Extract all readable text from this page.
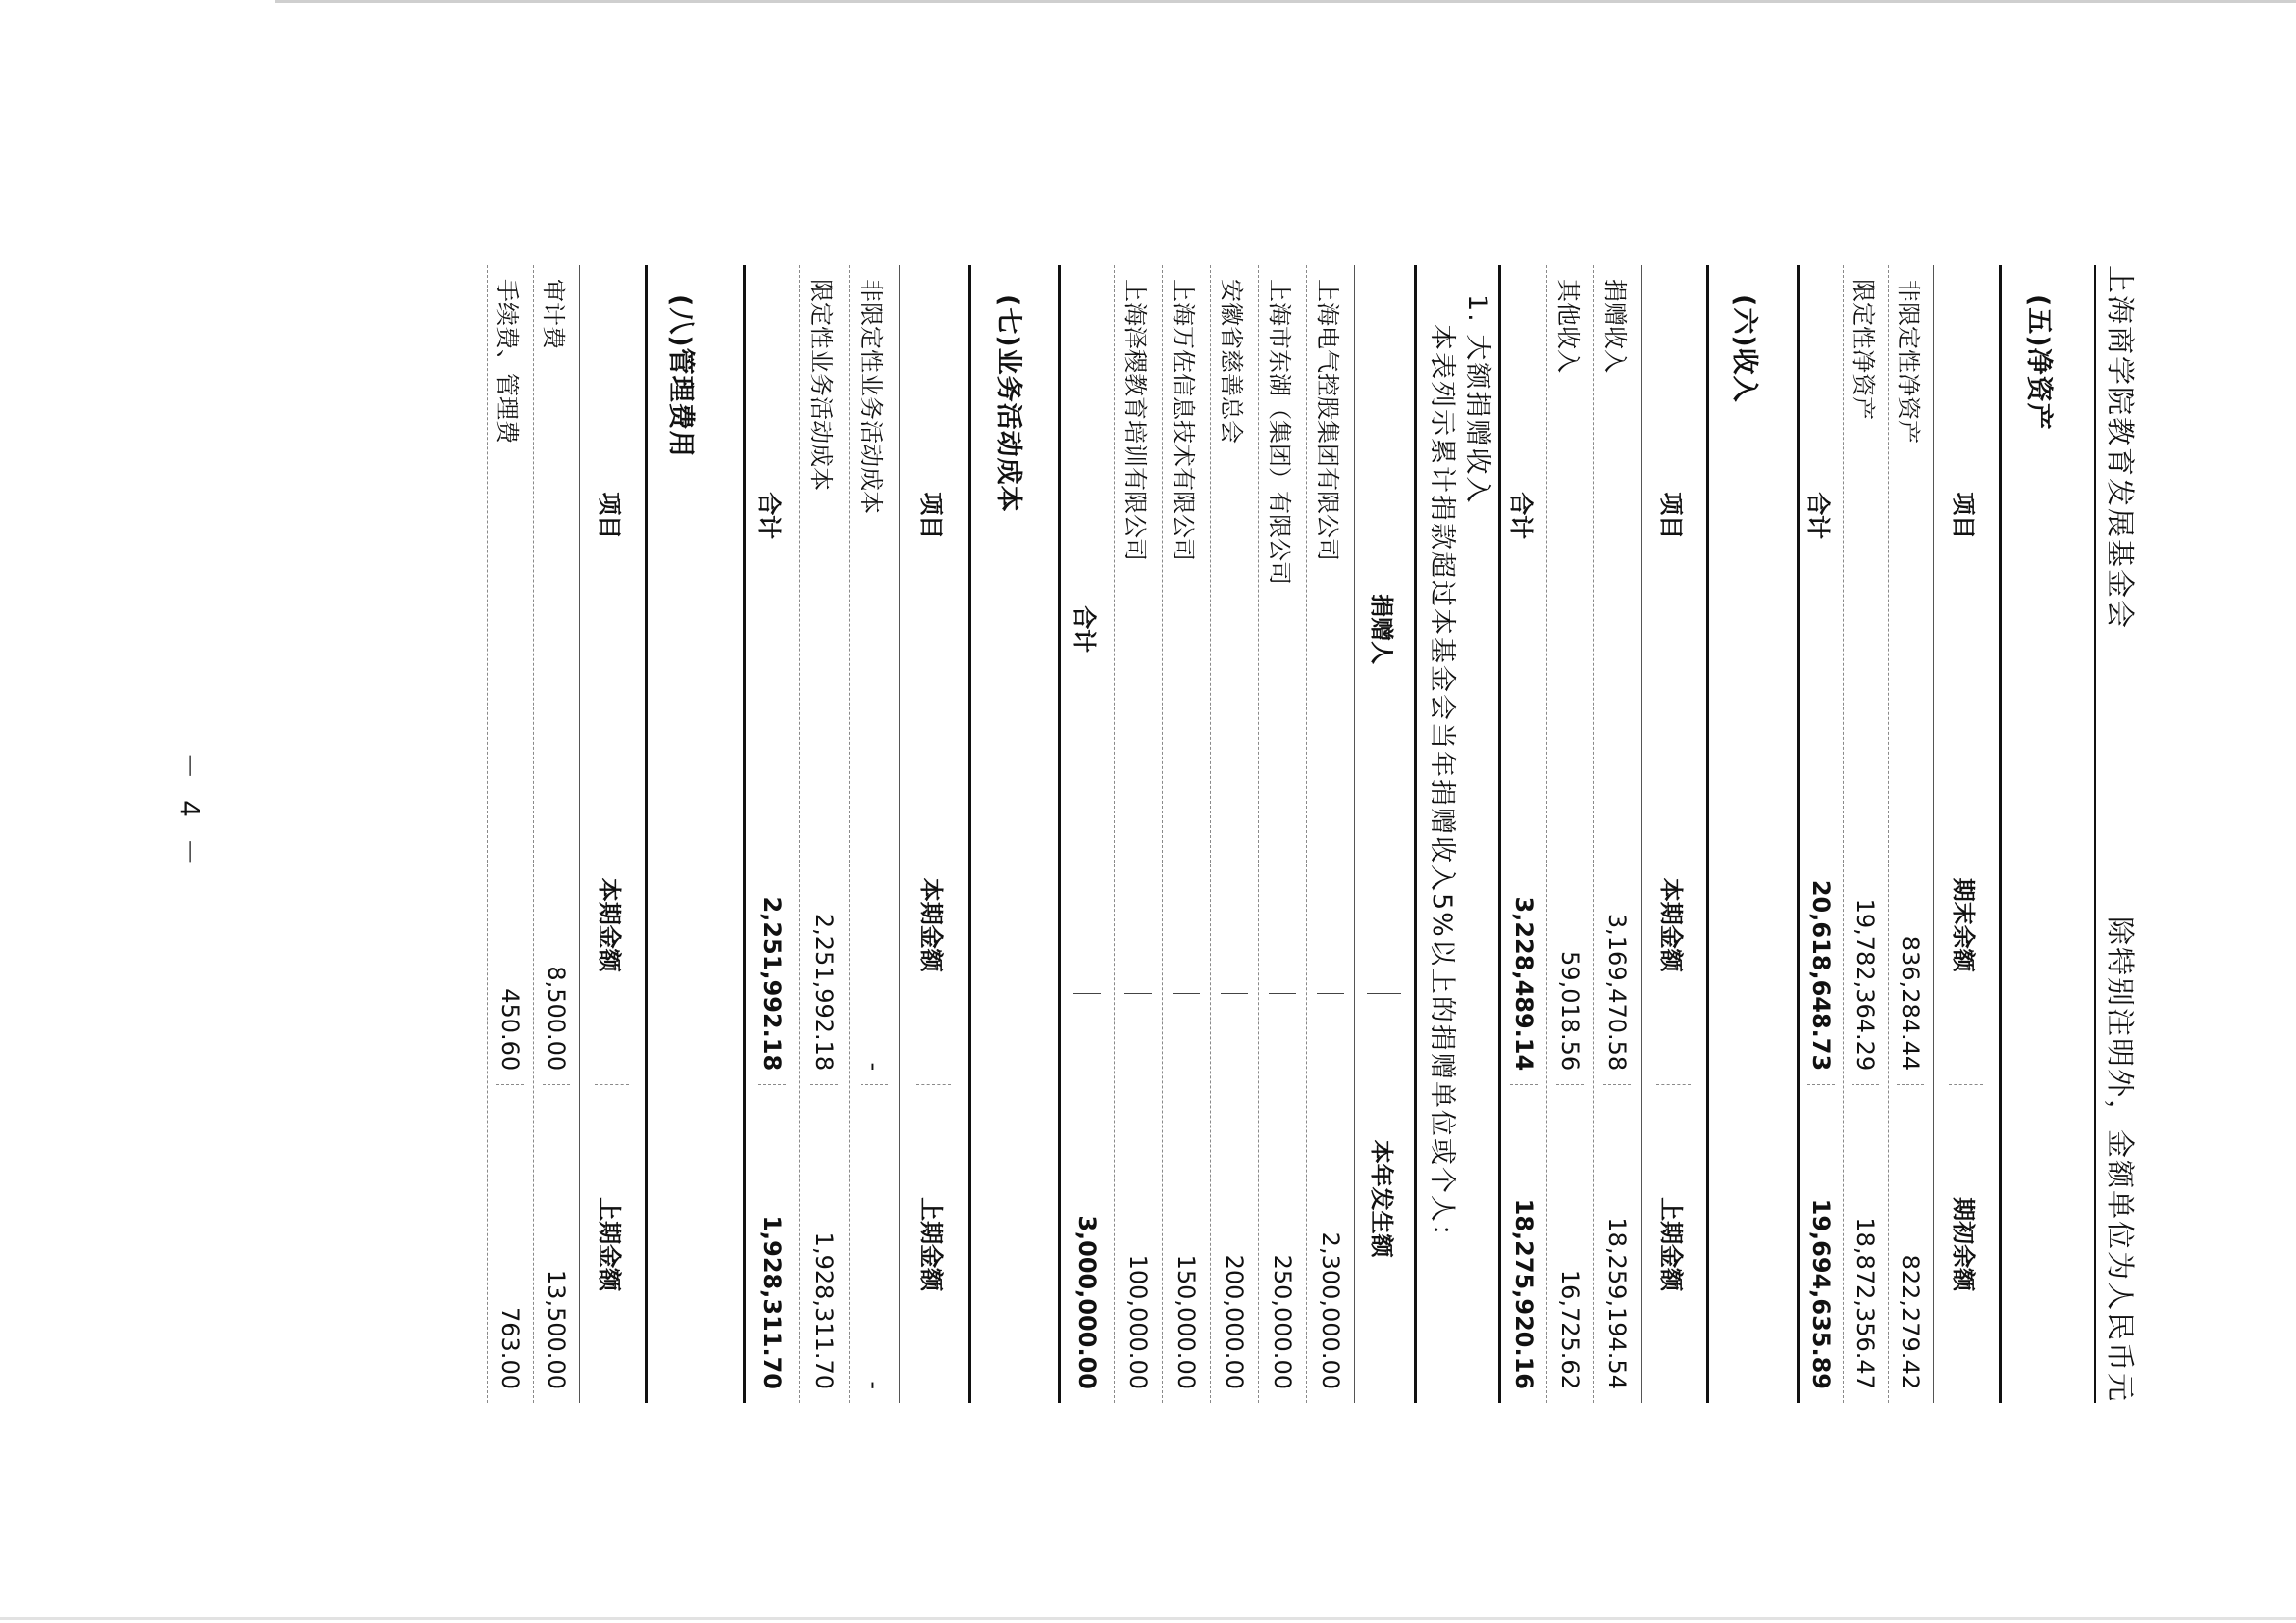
上海商学院教育发展基金会
除特别注明外，金额单位为人民币元
(五)净资产
项目
期末余额
期初余额
非限定性净资产
836,284.44
822,279.42
限定性净资产
19,782,364.29
18,872,356.47
合计
20,618,648.73
19,694,635.89
(六)收入
项目
本期金额
上期金额
捐赠收入
3,169,470.58
18,259,194.54
其他收入
59,018.56
16,725.62
合计
3,228,489.14
18,275,920.16
1. 大额捐赠收入
本表列示累计捐款超过本基金会当年捐赠收入5%以上的捐赠单位或个人：
捐赠人
本年发生额
上海电气控股集团有限公司
2,300,000.00
上海市东湖（集团）有限公司
250,000.00
安徽省慈善总会
200,000.00
上海万佐信息技术有限公司
150,000.00
上海泽稷教育培训有限公司
100,000.00
合计
3,000,000.00
(七)业务活动成本
项目
本期金额
上期金额
非限定性业务活动成本
-
-
限定性业务活动成本
2,251,992.18
1,928,311.70
合计
2,251,992.18
1,928,311.70
(八)管理费用
项目
本期金额
上期金额
审计费
8,500.00
13,500.00
手续费、管理费
450.60
763.00
－ 4 －
